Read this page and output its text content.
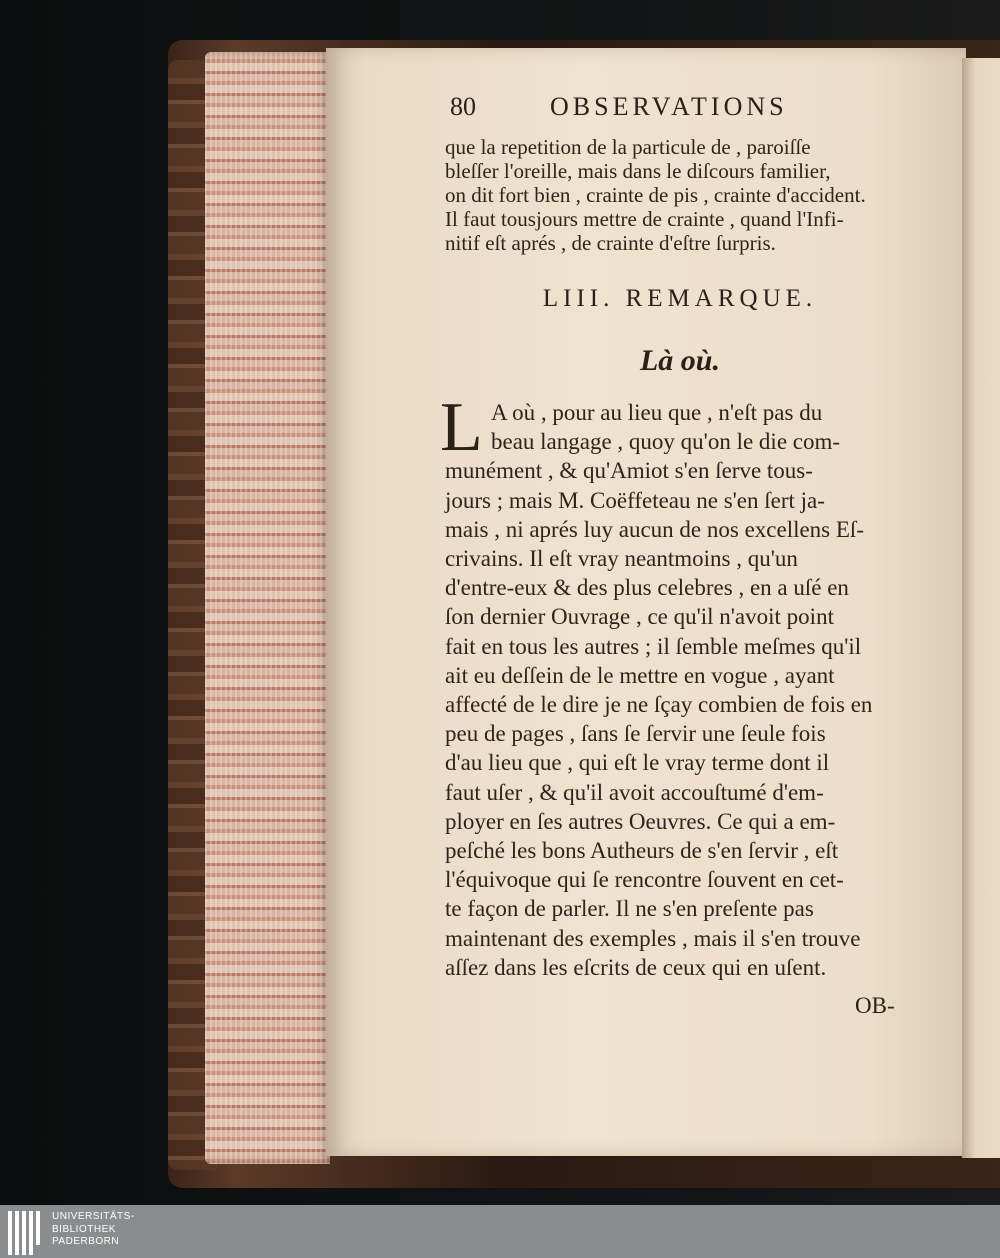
80	OBSERVATIONS
que la repetition de la particule de , paroiſſe
bleſſer l'oreille, mais dans le diſcours familier,
on dit fort bien , crainte de pis , crainte d'accident.
Il faut tousjours mettre de crainte , quand l'Infi-
nitif eſt aprés , de crainte d'eſtre ſurpris.
LIII. REMARQUE.
Là où.
L A où , pour au lieu que , n'eſt pas du
beau langage , quoy qu'on le die com-
munément , & qu'Amiot s'en ſerve tous-
jours ; mais M. Coëffeteau ne s'en ſert ja-
mais , ni aprés luy aucun de nos excellens Eſ-
crivains. Il eſt vray neantmoins , qu'un
d'entre-eux & des plus celebres , en a uſé en
ſon dernier Ouvrage , ce qu'il n'avoit point
fait en tous les autres ; il ſemble meſmes qu'il
ait eu deſſein de le mettre en vogue , ayant
affecté de le dire je ne ſçay combien de fois en
peu de pages , ſans ſe ſervir une ſeule fois
d'au lieu que , qui eſt le vray terme dont il
faut uſer , & qu'il avoit accouſtumé d'em-
ployer en ſes autres Oeuvres. Ce qui a em-
peſché les bons Autheurs de s'en ſervir , eſt
l'équivoque qui ſe rencontre ſouvent en cet-
te façon de parler. Il ne s'en preſente pas
maintenant des exemples , mais il s'en trouve
aſſez dans les eſcrits de ceux qui en uſent.
OB-
UNIVERSITÄTS-
BIBLIOTHEK
PADERBORN
